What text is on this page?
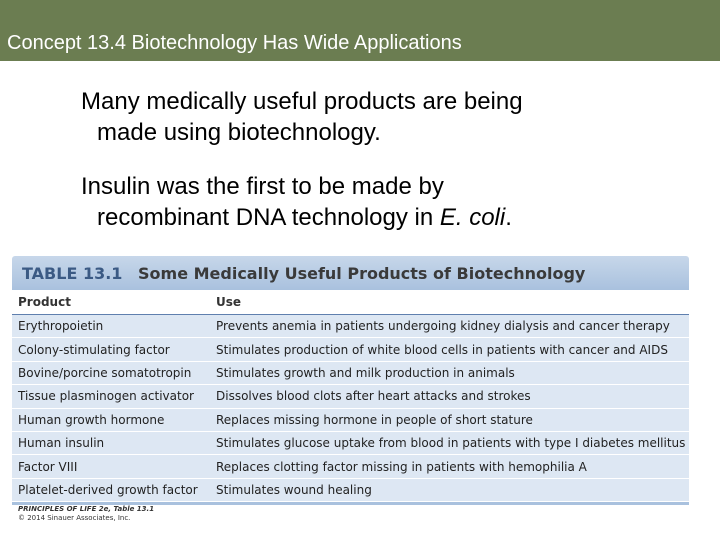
Concept 13.4 Biotechnology Has Wide Applications
Many medically useful products are being
made using biotechnology.
Insulin was the first to be made by
recombinant DNA technology in E. coli.
TABLE 13.1 Some Medically Useful Products of Biotechnology
Product	Use
Erythropoietin	Prevents anemia in patients undergoing kidney dialysis and cancer therapy
Colony-stimulating factor	Stimulates production of white blood cells in patients with cancer and AIDS
Bovine/porcine somatotropin	Stimulates growth and milk production in animals
Tissue plasminogen activator	Dissolves blood clots after heart attacks and strokes
Human growth hormone	Replaces missing hormone in people of short stature
Human insulin	Stimulates glucose uptake from blood in patients with type I diabetes mellitus
Factor VIII	Replaces clotting factor missing in patients with hemophilia A
Platelet-derived growth factor	Stimulates wound healing
PRINCIPLES OF LIFE 2e, Table 13.1
© 2014 Sinauer Associates, Inc.
